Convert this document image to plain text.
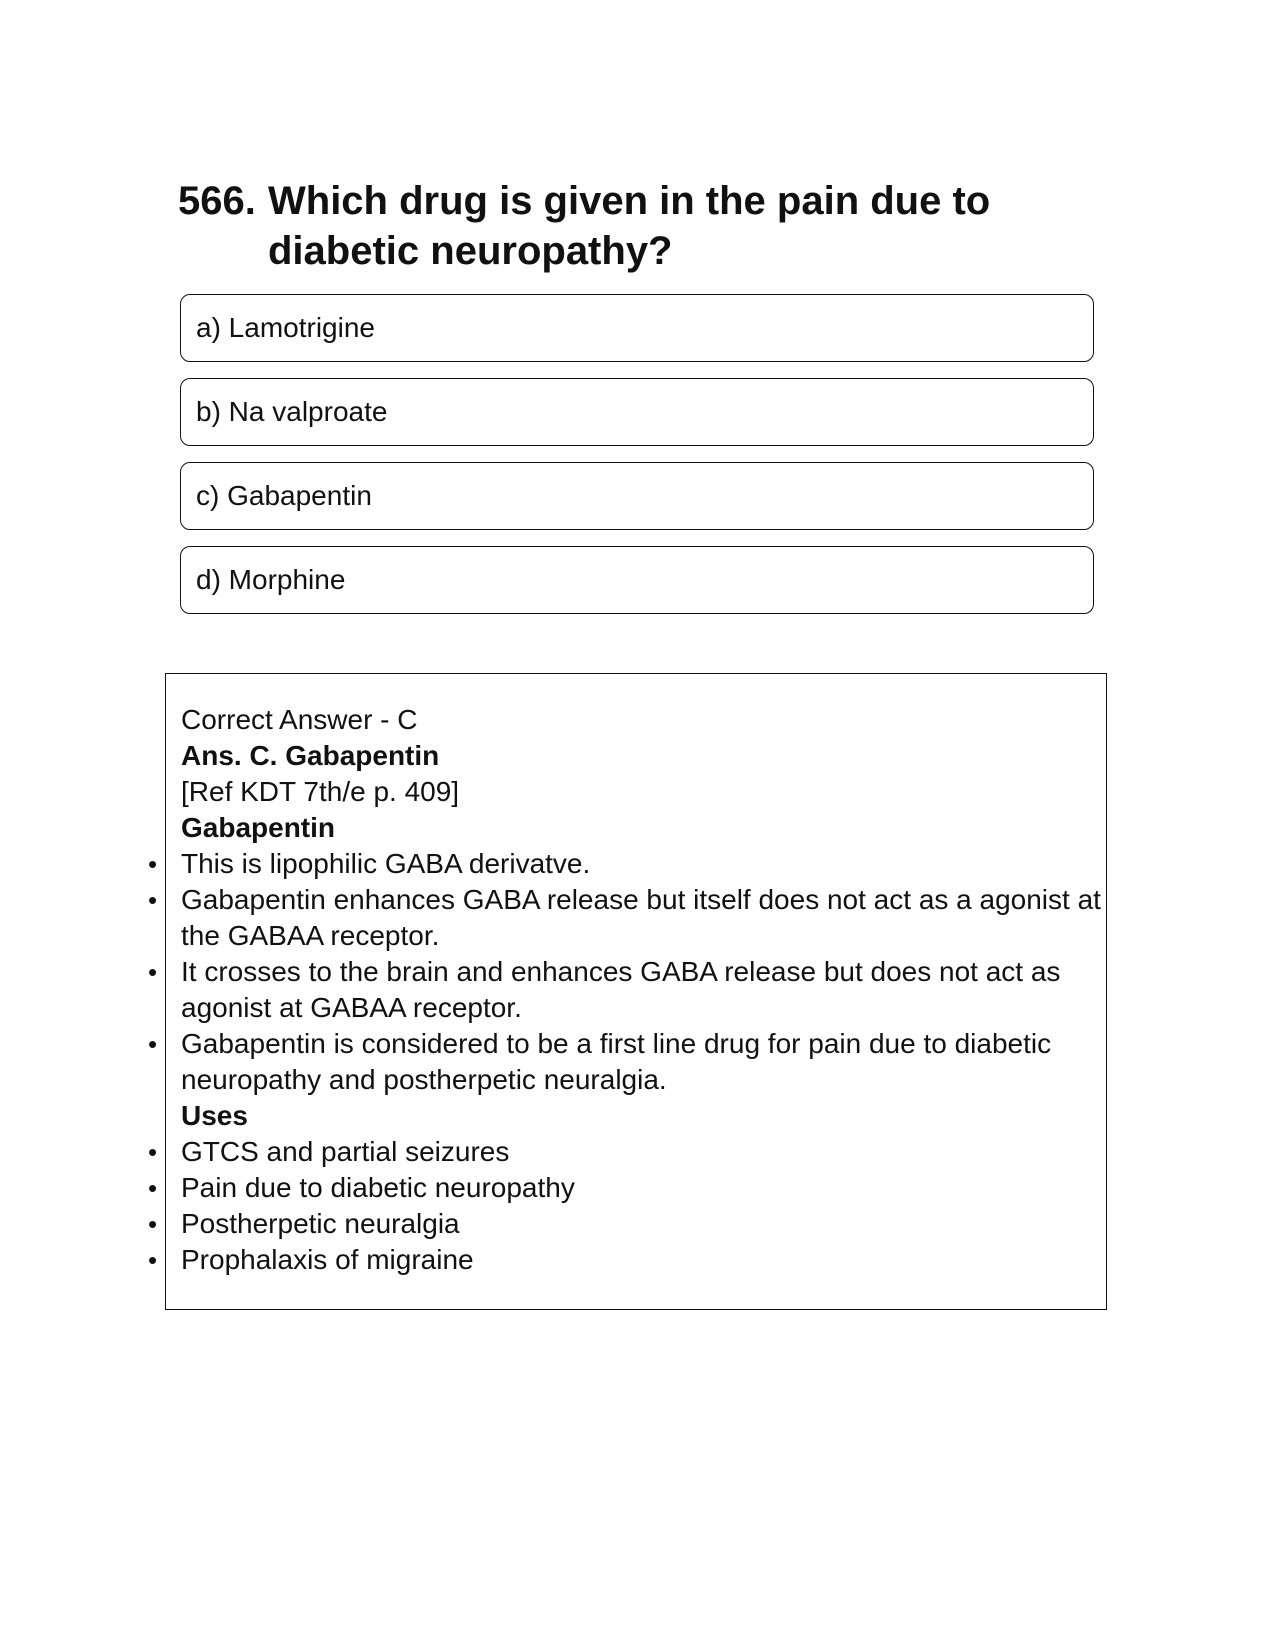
566. Which drug is given in the pain due to diabetic neuropathy?
a) Lamotrigine
b) Na valproate
c) Gabapentin
d) Morphine
Correct Answer - C
Ans. C. Gabapentin
[Ref KDT 7th/e p. 409]
Gabapentin
• This is lipophilic GABA derivatve.
• Gabapentin enhances GABA release but itself does not act as a agonist at the GABAA receptor.
• It crosses to the brain and enhances GABA release but does not act as agonist at GABAA receptor.
• Gabapentin is considered to be a first line drug for pain due to diabetic neuropathy and postherpetic neuralgia.
Uses
• GTCS and partial seizures
• Pain due to diabetic neuropathy
• Postherpetic neuralgia
• Prophalaxis of migraine
